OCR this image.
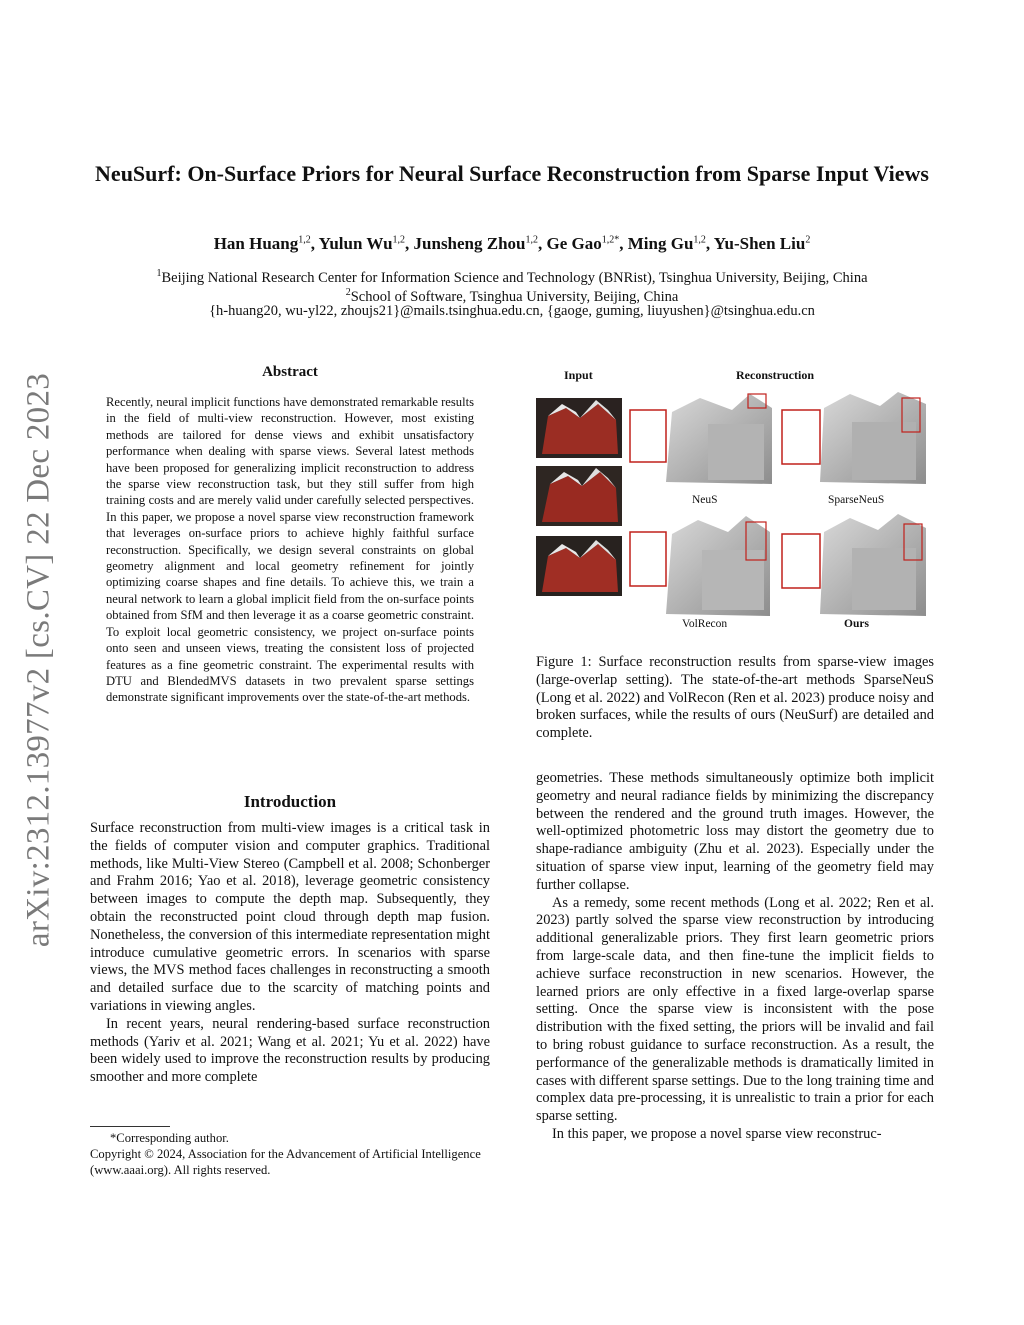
NeuSurf: On-Surface Priors for Neural Surface Reconstruction from Sparse Input Views
Han Huang$^{1,2}$, Yulun Wu$^{1,2}$, Junsheng Zhou$^{1,2}$, Ge Gao$^{1,2*}$, Ming Gu$^{1,2}$, Yu-Shen Liu$^2$
$^1$Beijing National Research Center for Information Science and Technology (BNRist), Tsinghua University, Beijing, China
$^2$School of Software, Tsinghua University, Beijing, China
{h-huang20, wu-yl22, zhoujs21}@mails.tsinghua.edu.cn, {gaoge, guming, liuyushen}@tsinghua.edu.cn
arXiv:2312.13977v2 [cs.CV] 22 Dec 2023
Abstract
Recently, neural implicit functions have demonstrated remarkable results in the field of multi-view reconstruction. However, most existing methods are tailored for dense views and exhibit unsatisfactory performance when dealing with sparse views. Several latest methods have been proposed for generalizing implicit reconstruction to address the sparse view reconstruction task, but they still suffer from high training costs and are merely valid under carefully selected perspectives. In this paper, we propose a novel sparse view reconstruction framework that leverages on-surface priors to achieve highly faithful surface reconstruction. Specifically, we design several constraints on global geometry alignment and local geometry refinement for jointly optimizing coarse shapes and fine details. To achieve this, we train a neural network to learn a global implicit field from the on-surface points obtained from SfM and then leverage it as a coarse geometric constraint. To exploit local geometric consistency, we project on-surface points onto seen and unseen views, treating the consistent loss of projected features as a fine geometric constraint. The experimental results with DTU and BlendedMVS datasets in two prevalent sparse settings demonstrate significant improvements over the state-of-the-art methods.
Introduction

Surface reconstruction from multi-view images is a critical task in the fields of computer vision and computer graphics. Traditional methods, like Multi-View Stereo (Campbell et al. 2008; Schonberger and Frahm 2016; Yao et al. 2018), leverage geometric consistency between images to compute the depth map. Subsequently, they obtain the reconstructed point cloud through depth map fusion. Nonetheless, the conversion of this intermediate representation might introduce cumulative geometric errors. In scenarios with sparse views, the MVS method faces challenges in reconstructing a smooth and detailed surface due to the scarcity of matching points and variations in viewing angles.

In recent years, neural rendering-based surface reconstruction methods (Yariv et al. 2021; Wang et al. 2021; Yu et al. 2022) have been widely used to improve the reconstruction results by producing smoother and more complete

*Corresponding author.
Copyright © 2024, Association for the Advancement of Artificial Intelligence (www.aaai.org). All rights reserved.
Input	Reconstruction
NeuS	SparseNeuS
VolRecon	Ours
Figure 1: Surface reconstruction results from sparse-view images (large-overlap setting). The state-of-the-art methods SparseNeuS (Long et al. 2022) and VolRecon (Ren et al. 2023) produce noisy and broken surfaces, while the results of ours (NeuSurf) are detailed and complete.

geometries. These methods simultaneously optimize both implicit geometry and neural radiance fields by minimizing the discrepancy between the rendered and the ground truth images. However, the well-optimized photometric loss may distort the geometry due to shape-radiance ambiguity (Zhu et al. 2023). Especially under the situation of sparse view input, learning of the geometry field may further collapse.

As a remedy, some recent methods (Long et al. 2022; Ren et al. 2023) partly solved the sparse view reconstruction by introducing additional generalizable priors. They first learn geometric priors from large-scale data, and then fine-tune the implicit fields to achieve surface reconstruction in new scenarios. However, the learned priors are only effective in a fixed large-overlap sparse setting. Once the sparse view is inconsistent with the pose distribution with the fixed setting, the priors will be invalid and fail to bring robust guidance to surface reconstruction. As a result, the performance of the generalizable methods is dramatically limited in cases with different sparse settings. Due to the long training time and complex data pre-processing, it is unrealistic to train a prior for each sparse setting.

In this paper, we propose a novel sparse view reconstruc-
